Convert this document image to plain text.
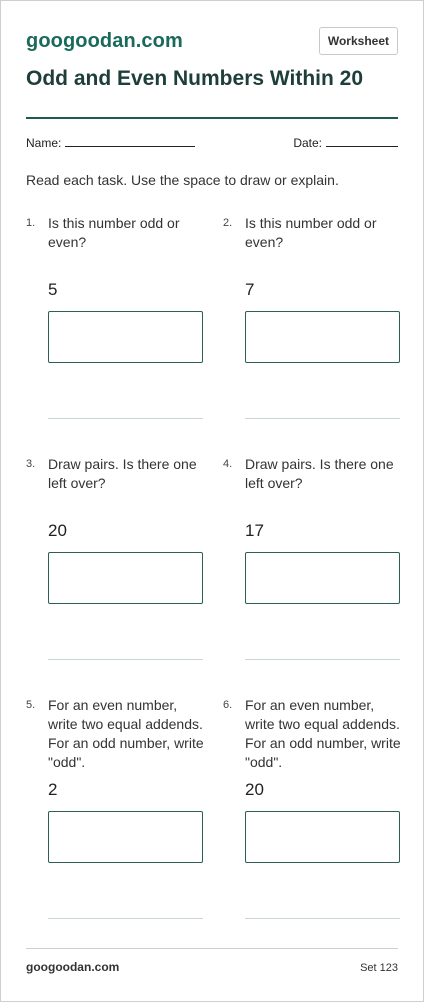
googoodan.com	Worksheet
Odd and Even Numbers Within 20
Name:	Date:
Read each task. Use the space to draw or explain.
1. Is this number odd or even?
5
2. Is this number odd or even?
7
3. Draw pairs. Is there one left over?
20
4. Draw pairs. Is there one left over?
17
5. For an even number, write two equal addends. For an odd number, write "odd".
2
6. For an even number, write two equal addends. For an odd number, write "odd".
20
googoodan.com	Set 123
